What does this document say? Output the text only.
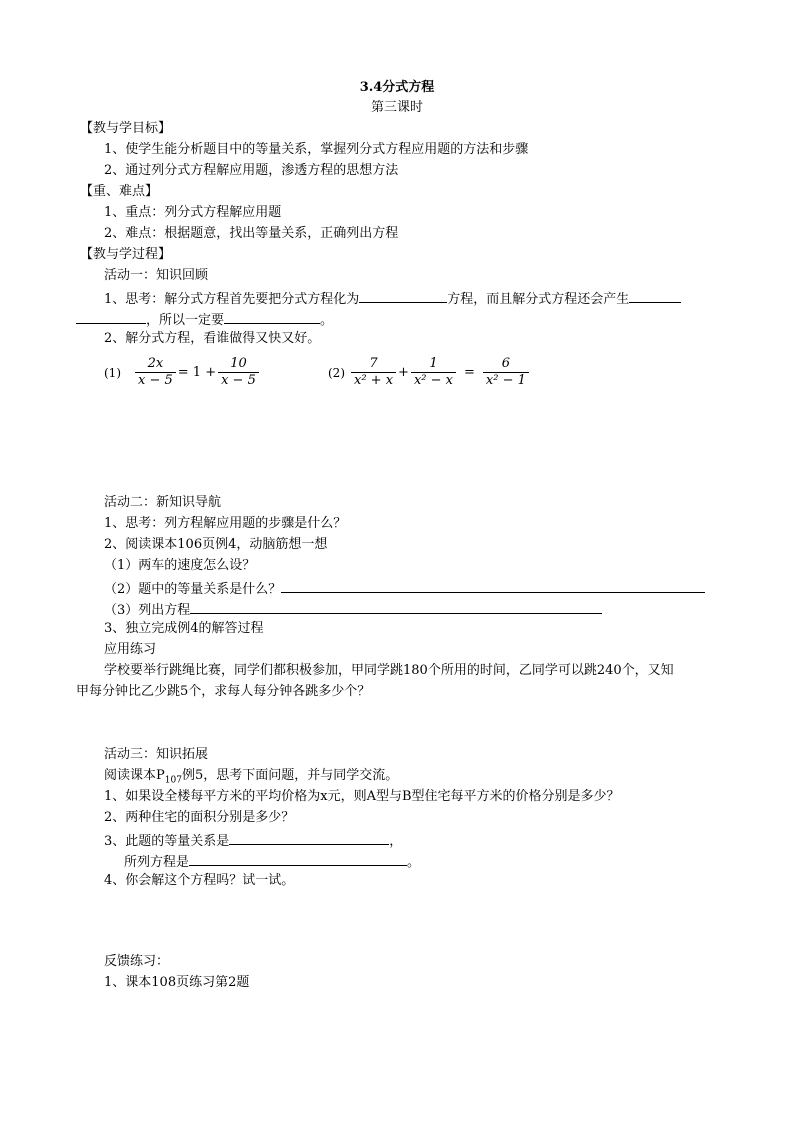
3.4分式方程
第三课时
【教与学目标】
1、使学生能分析题目中的等量关系，掌握列分式方程应用题的方法和步骤
2、通过列分式方程解应用题，渗透方程的思想方法
【重、难点】
1、重点：列分式方程解应用题
2、难点：根据题意，找出等量关系，正确列出方程
【教与学过程】
活动一：知识回顾
1、思考：解分式方程首先要把分式方程化为	方程，而且解分式方程还会产生
，所以一定要	。
2、解分式方程，看谁做得又快又好。
$(1) \frac{2x}{x - 5} = 1 + \frac{10}{x - 5}$	$(2) \frac{7}{\text{x² + x}} + \frac{1}{\text{x² − x}} = \frac{6}{\text{x² − 1}}$
活动二：新知识导航
1、思考：列方程解应用题的步骤是什么？
2、阅读课本106页例4，动脑筋想一想
（1）两车的速度怎么设？
（2）题中的等量关系是什么？
（3）列出方程
3、独立完成例4的解答过程
应用练习
学校要举行跳绳比赛，同学们都积极参加，甲同学跳180个所用的时间，乙同学可以跳240个，又知
甲每分钟比乙少跳5个，求每人每分钟各跳多少个？
活动三：知识拓展
阅读课本$P_{107}$例5，思考下面问题，并与同学交流。
1、如果设全楼每平方米的平均价格为x元，则A型与B型住宅每平方米的价格分别是多少？
2、两种住宅的面积分别是多少？
3、此题的等量关系是	，
所列方程是	。
4、你会解这个方程吗？试一试。
反馈练习：
1、课本108页练习第2题
